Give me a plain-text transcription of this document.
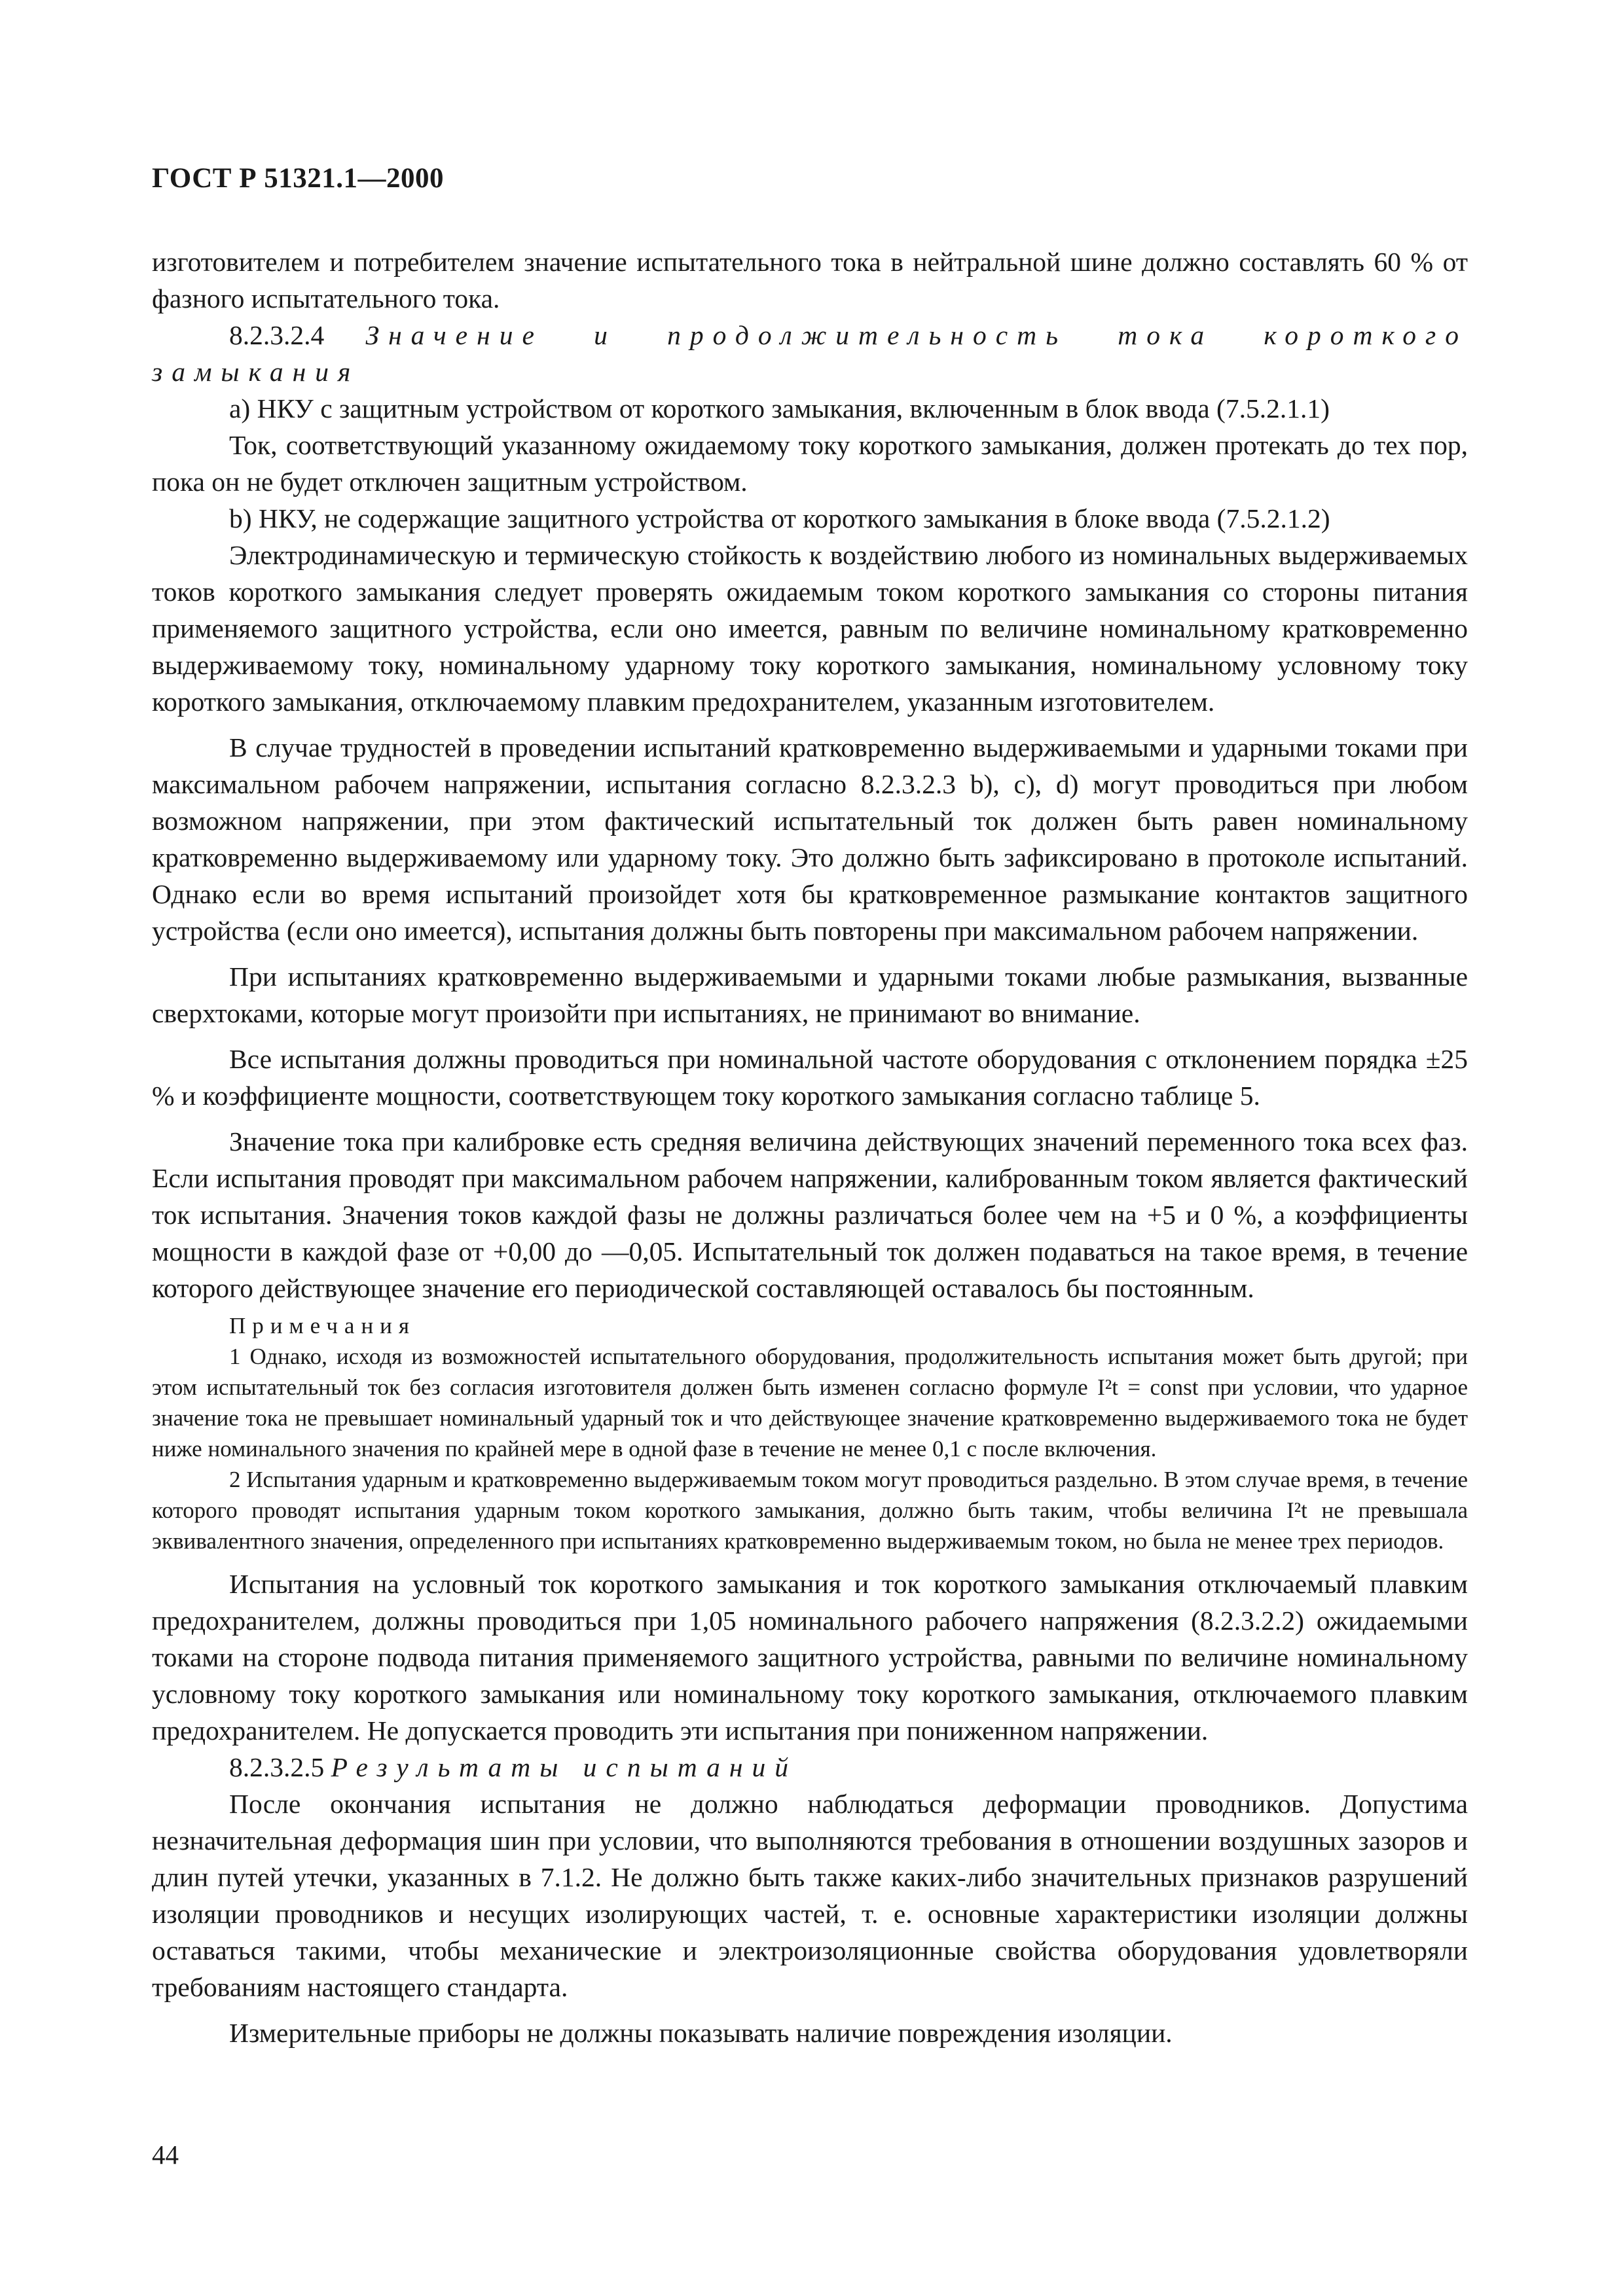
ГОСТ Р 51321.1—2000

изготовителем и потребителем значение испытательного тока в нейтральной шине должно составлять 60 % от фазного испытательного тока.

8.2.3.2.4 Значение и продолжительность тока короткого замыкания

a) НКУ с защитным устройством от короткого замыкания, включенным в блок ввода (7.5.2.1.1)

Ток, соответствующий указанному ожидаемому току короткого замыкания, должен протекать до тех пор, пока он не будет отключен защитным устройством.

b) НКУ, не содержащие защитного устройства от короткого замыкания в блоке ввода (7.5.2.1.2)

Электродинамическую и термическую стойкость к воздействию любого из номинальных выдерживаемых токов короткого замыкания следует проверять ожидаемым током короткого замыкания со стороны питания применяемого защитного устройства, если оно имеется, равным по величине номинальному кратковременно выдерживаемому току, номинальному ударному току короткого замыкания, номинальному условному току короткого замыкания, отключаемому плавким предохранителем, указанным изготовителем.

В случае трудностей в проведении испытаний кратковременно выдерживаемыми и ударными токами при максимальном рабочем напряжении, испытания согласно 8.2.3.2.3 b), с), d) могут проводиться при любом возможном напряжении, при этом фактический испытательный ток должен быть равен номинальному кратковременно выдерживаемому или ударному току. Это должно быть зафиксировано в протоколе испытаний. Однако если во время испытаний произойдет хотя бы кратковременное размыкание контактов защитного устройства (если оно имеется), испытания должны быть повторены при максимальном рабочем напряжении.

При испытаниях кратковременно выдерживаемыми и ударными токами любые размыкания, вызванные сверхтоками, которые могут произойти при испытаниях, не принимают во внимание.

Все испытания должны проводиться при номинальной частоте оборудования с отклонением порядка ±25 % и коэффициенте мощности, соответствующем току короткого замыкания согласно таблице 5.

Значение тока при калибровке есть средняя величина действующих значений переменного тока всех фаз. Если испытания проводят при максимальном рабочем напряжении, калиброванным током является фактический ток испытания. Значения токов каждой фазы не должны различаться более чем на +5 и 0 %, а коэффициенты мощности в каждой фазе от +0,00 до —0,05. Испытательный ток должен подаваться на такое время, в течение которого действующее значение его периодической составляющей оставалось бы постоянным.

Примечания

1 Однако, исходя из возможностей испытательного оборудования, продолжительность испытания может быть другой; при этом испытательный ток без согласия изготовителя должен быть изменен согласно формуле I²t = const при условии, что ударное значение тока не превышает номинальный ударный ток и что действующее значение кратковременно выдерживаемого тока не будет ниже номинального значения по крайней мере в одной фазе в течение не менее 0,1 с после включения.

2 Испытания ударным и кратковременно выдерживаемым током могут проводиться раздельно. В этом случае время, в течение которого проводят испытания ударным током короткого замыкания, должно быть таким, чтобы величина I²t не превышала эквивалентного значения, определенного при испытаниях кратковременно выдерживаемым током, но была не менее трех периодов.

Испытания на условный ток короткого замыкания и ток короткого замыкания отключаемый плавким предохранителем, должны проводиться при 1,05 номинального рабочего напряжения (8.2.3.2.2) ожидаемыми токами на стороне подвода питания применяемого защитного устройства, равными по величине номинальному условному току короткого замыкания или номинальному току короткого замыкания, отключаемого плавким предохранителем. Не допускается проводить эти испытания при пониженном напряжении.

8.2.3.2.5 Результаты испытаний

После окончания испытания не должно наблюдаться деформации проводников. Допустима незначительная деформация шин при условии, что выполняются требования в отношении воздушных зазоров и длин путей утечки, указанных в 7.1.2. Не должно быть также каких-либо значительных признаков разрушений изоляции проводников и несущих изолирующих частей, т. е. основные характеристики изоляции должны оставаться такими, чтобы механические и электроизоляционные свойства оборудования удовлетворяли требованиям настоящего стандарта.

Измерительные приборы не должны показывать наличие повреждения изоляции.

44
